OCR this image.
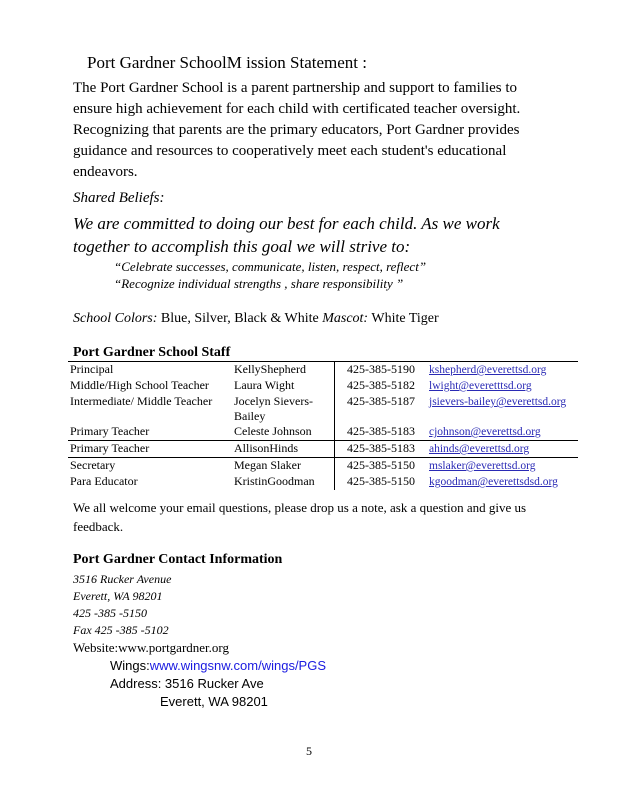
Port Gardner SchoolM ission Statement :
The Port Gardner School is a parent partnership and support to families to ensure high achievement for each child with certificated teacher oversight. Recognizing that parents are the primary educators, Port Gardner provides guidance and resources to cooperatively meet each student's educational endeavors.
Shared Beliefs:
We are committed to doing our best for each child. As we work together to accomplish this goal we will strive to:
“Celebrate successes, communicate, listen, respect, reflect”
“Recognize individual strengths , share responsibility ”
School Colors: Blue, Silver, Black & White Mascot: White Tiger
Port Gardner School Staff
Principal	KellyShepherd	425-385-5190	kshepherd@everettsd.org
Middle/High School Teacher	Laura Wight	425-385-5182	lwight@everetttsd.org
Intermediate/ Middle Teacher	Jocelyn Sievers-Bailey	425-385-5187	jsievers-bailey@everettsd.org
Primary Teacher	Celeste Johnson	425-385-5183	cjohnson@everettsd.org
Primary Teacher	AllisonHinds	425-385-5183	ahinds@everettsd.org
Secretary	Megan Slaker	425-385-5150	mslaker@everettsd.org
Para Educator	KristinGoodman	425-385-5150	kgoodman@everettsdsd.org
We all welcome your email questions, please drop us a note, ask a question and give us feedback.
Port Gardner Contact Information
3516 Rucker Avenue
Everett, WA 98201
425 -385 -5150
Fax 425 -385 -5102
Website:www.portgardner.org
Wings:www.wingsnw.com/wings/PGS
Address: 3516 Rucker Ave
Everett, WA 98201
5
